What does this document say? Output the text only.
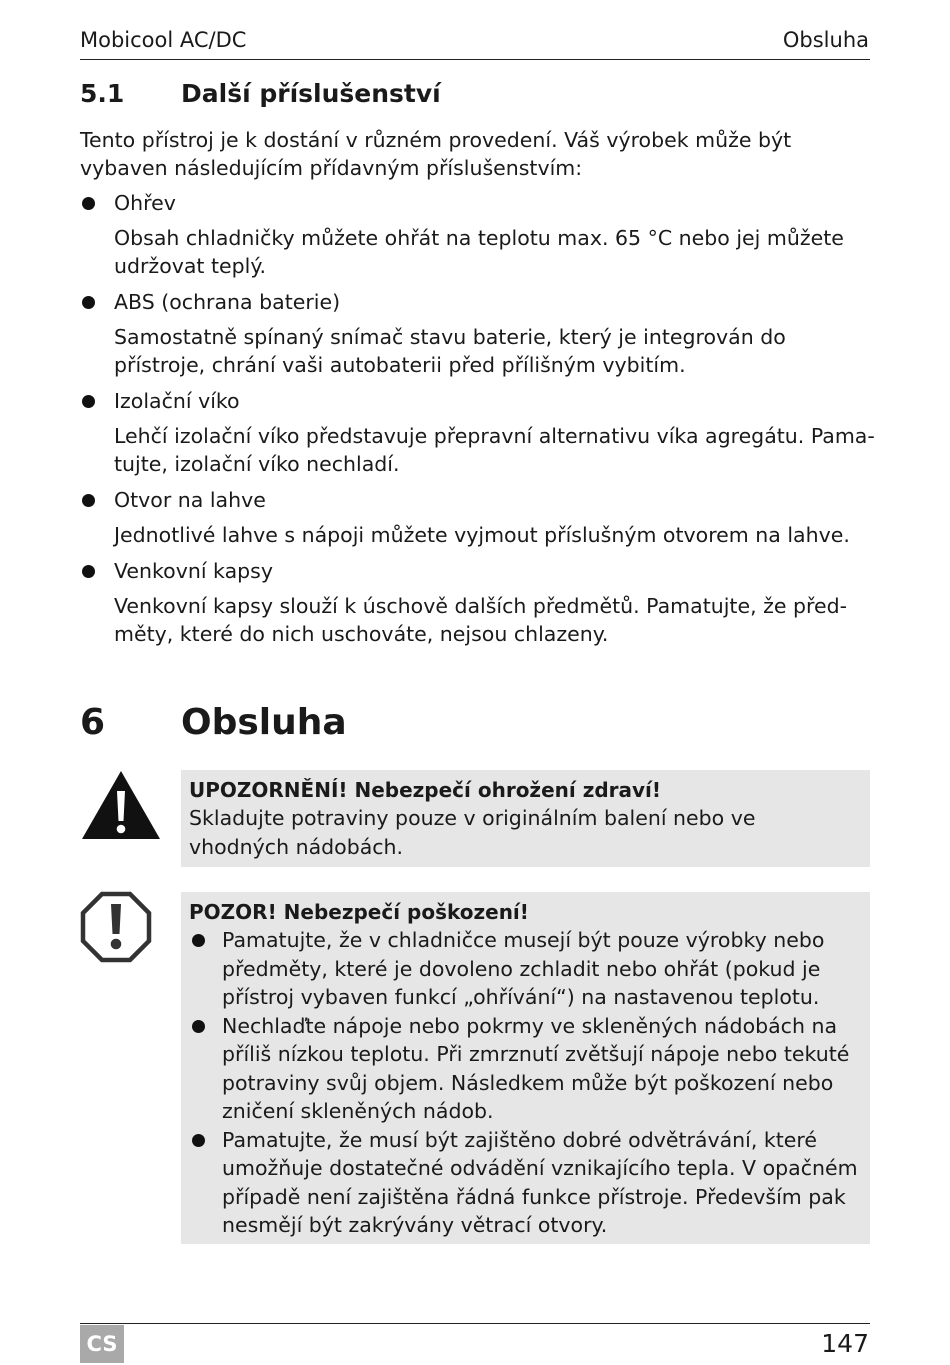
Mobicool AC/DC	Obsluha
5.1 Další příslušenství
Tento přístroj je k dostání v různém provedení. Váš výrobek může být vybaven následujícím přídavným příslušenstvím:
Ohřev
Obsah chladničky můžete ohřát na teplotu max. 65 °C nebo jej můžete udržovat teplý.
ABS (ochrana baterie)
Samostatně spínaný snímač stavu baterie, který je integrován do přístroje, chrání vaši autobaterii před přílišným vybitím.
Izolační víko
Lehčí izolační víko představuje přepravní alternativu víka agregátu. Pamatujte, izolační víko nechladí.
Otvor na lahve
Jednotlivé lahve s nápoji můžete vyjmout příslušným otvorem na lahve.
Venkovní kapsy
Venkovní kapsy slouží k úschově dalších předmětů. Pamatujte, že předměty, které do nich uschováte, nejsou chlazeny.
6 Obsluha
UPOZORNĚNÍ! Nebezpečí ohrožení zdraví!
Skladujte potraviny pouze v originálním balení nebo ve vhodných nádobách.
POZOR! Nebezpečí poškození!
Pamatujte, že v chladničce musejí být pouze výrobky nebo předměty, které je dovoleno zchladit nebo ohřát (pokud je přístroj vybaven funkcí „ohřívání“) na nastavenou teplotu.
Nechlaďte nápoje nebo pokrmy ve skleněných nádobách na příliš nízkou teplotu. Při zmrznutí zvětšují nápoje nebo tekuté potraviny svůj objem. Následkem může být poškození nebo zničení skleněných nádob.
Pamatujte, že musí být zajištěno dobré odvětrávání, které umožňuje dostatečné odvádění vznikajícího tepla. V opačném případě není zajištěna řádná funkce přístroje. Především pak nesmějí být zakrývány větrací otvory.
CS	147
